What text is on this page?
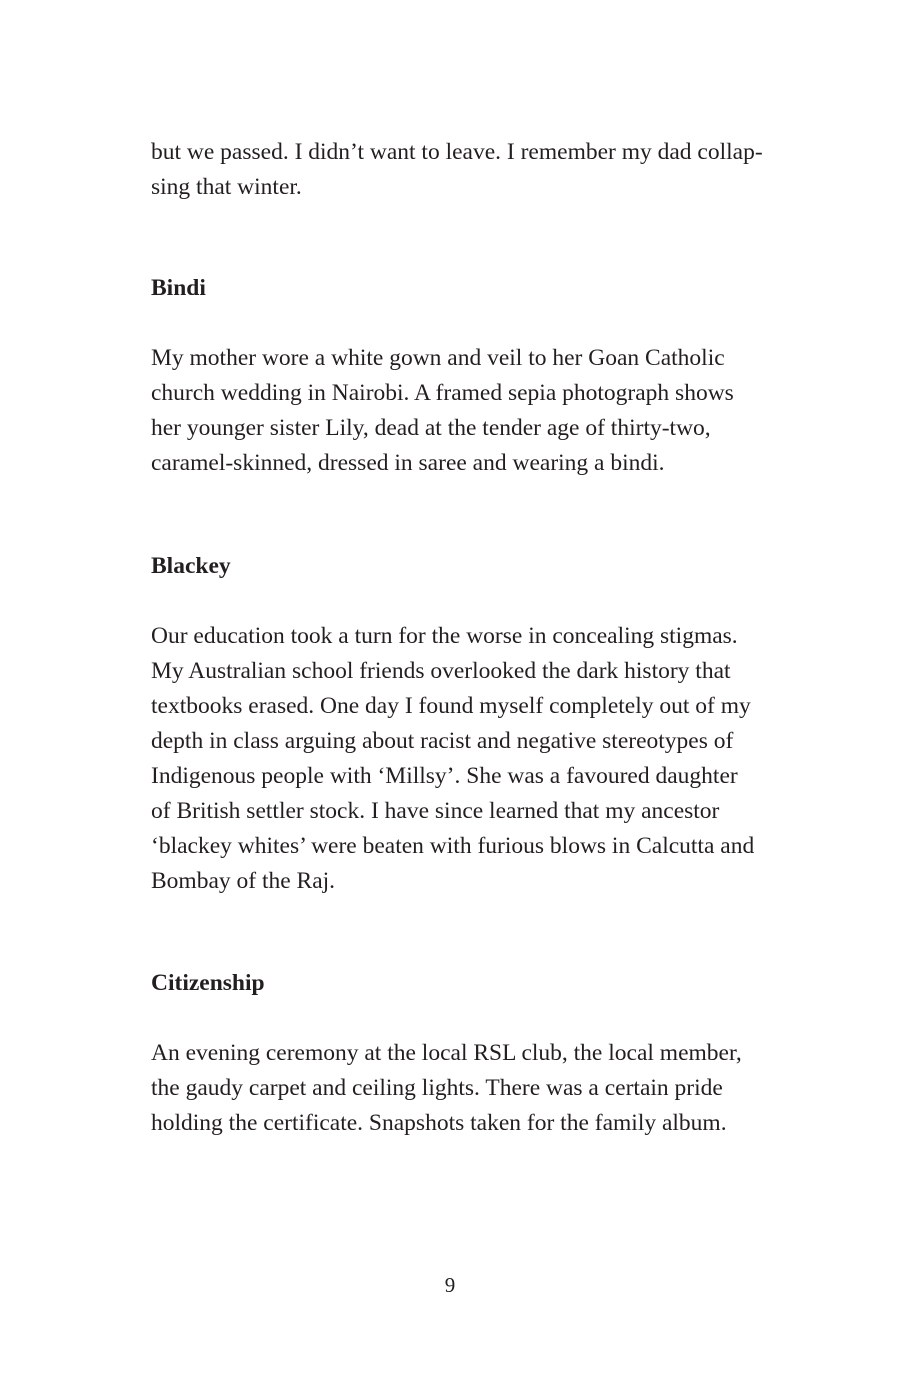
but we passed. I didn’t want to leave. I remember my dad collap-
sing that winter.

Bindi

My mother wore a white gown and veil to her Goan Catholic
church wedding in Nairobi. A framed sepia photograph shows
her younger sister Lily, dead at the tender age of thirty-two,
caramel-skinned, dressed in saree and wearing a bindi.

Blackey

Our education took a turn for the worse in concealing stigmas.
My Australian school friends overlooked the dark history that
textbooks erased. One day I found myself completely out of my
depth in class arguing about racist and negative stereotypes of
Indigenous people with ‘Millsy’. She was a favoured daughter
of British settler stock. I have since learned that my ancestor
‘blackey whites’ were beaten with furious blows in Calcutta and
Bombay of the Raj.

Citizenship

An evening ceremony at the local RSL club, the local member,
the gaudy carpet and ceiling lights. There was a certain pride
holding the certificate. Snapshots taken for the family album.

9
